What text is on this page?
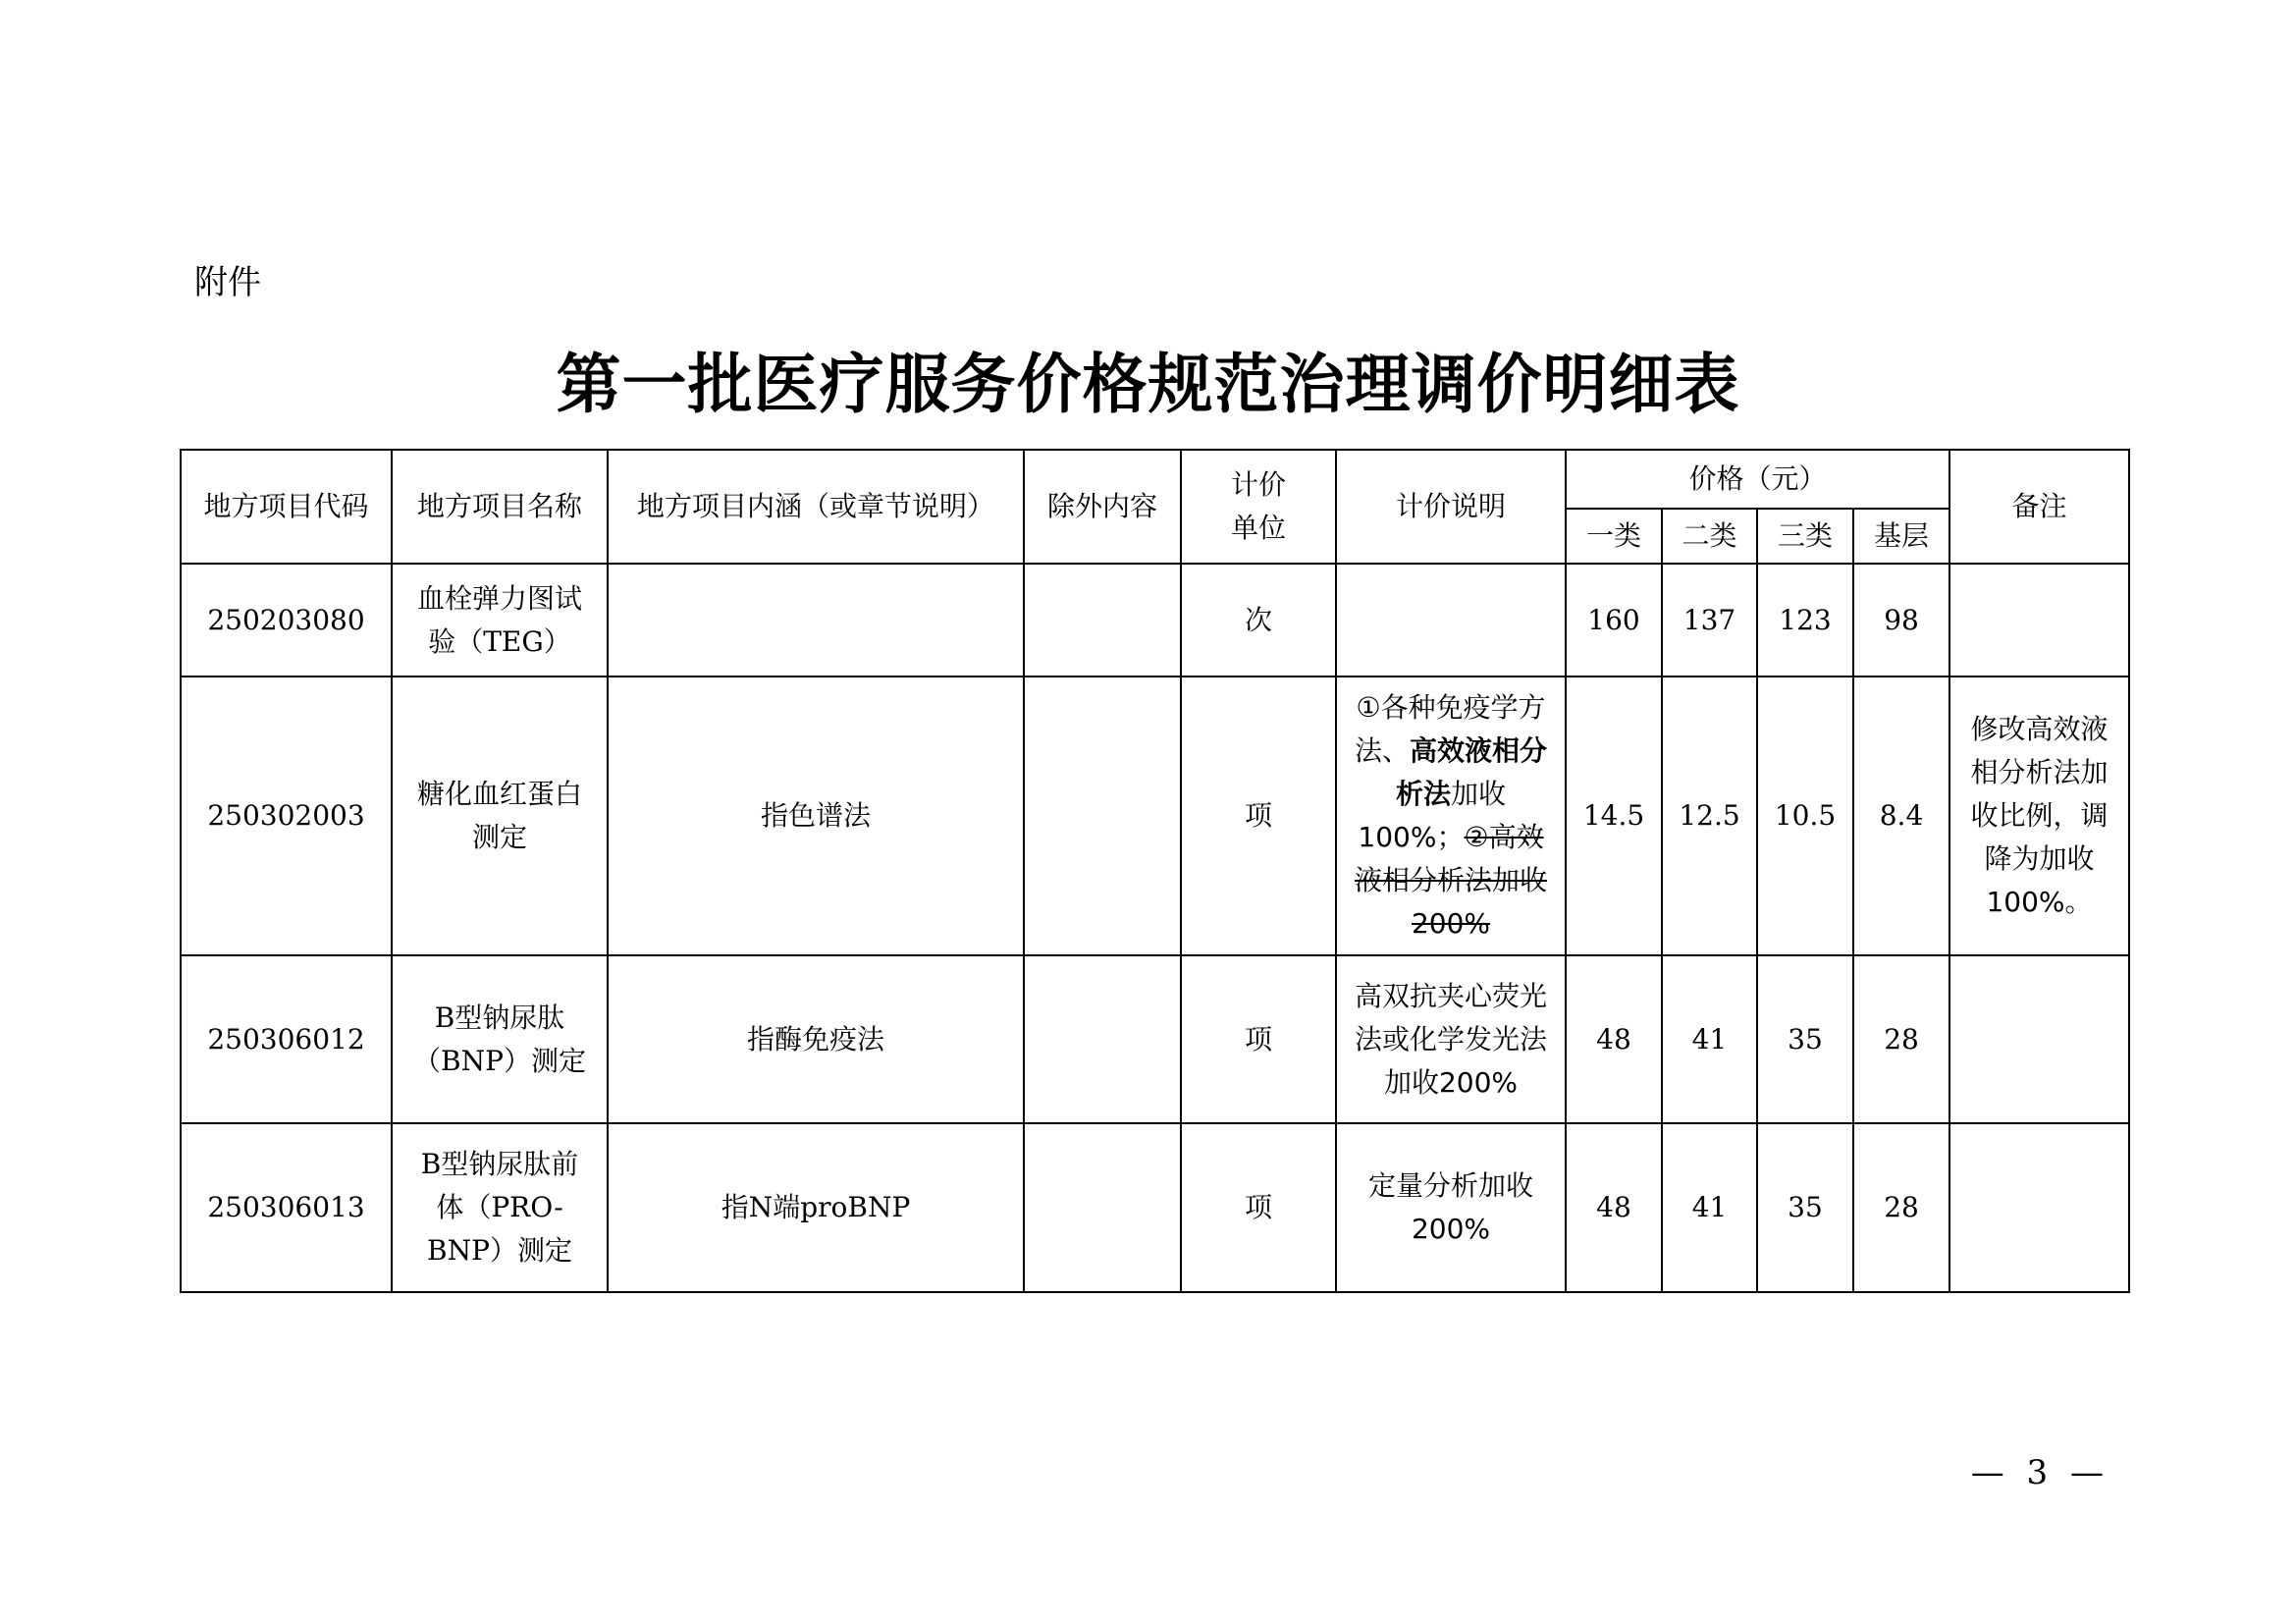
附件
第一批医疗服务价格规范治理调价明细表
地方项目代码	地方项目名称	地方项目内涵（或章节说明）	除外内容	计价单位	计价说明	价格（元）				备注
						一类	二类	三类	基层	
250203080	血栓弹力图试验（TEG）			次		160	137	123	98	
250302003	糖化血红蛋白测定	指色谱法		项	①各种免疫学方法、高效液相分析法加收100%；②高效液相分析法加收200%	14.5	12.5	10.5	8.4	修改高效液相分析法加收比例，调降为加收100%。
250306012	B型钠尿肽（BNP）测定	指酶免疫法		项	高双抗夹心荧光法或化学发光法加收200%	48	41	35	28	
250306013	B型钠尿肽前体（PRO-BNP）测定	指N端proBNP		项	定量分析加收200%	48	41	35	28	
— 3 —
